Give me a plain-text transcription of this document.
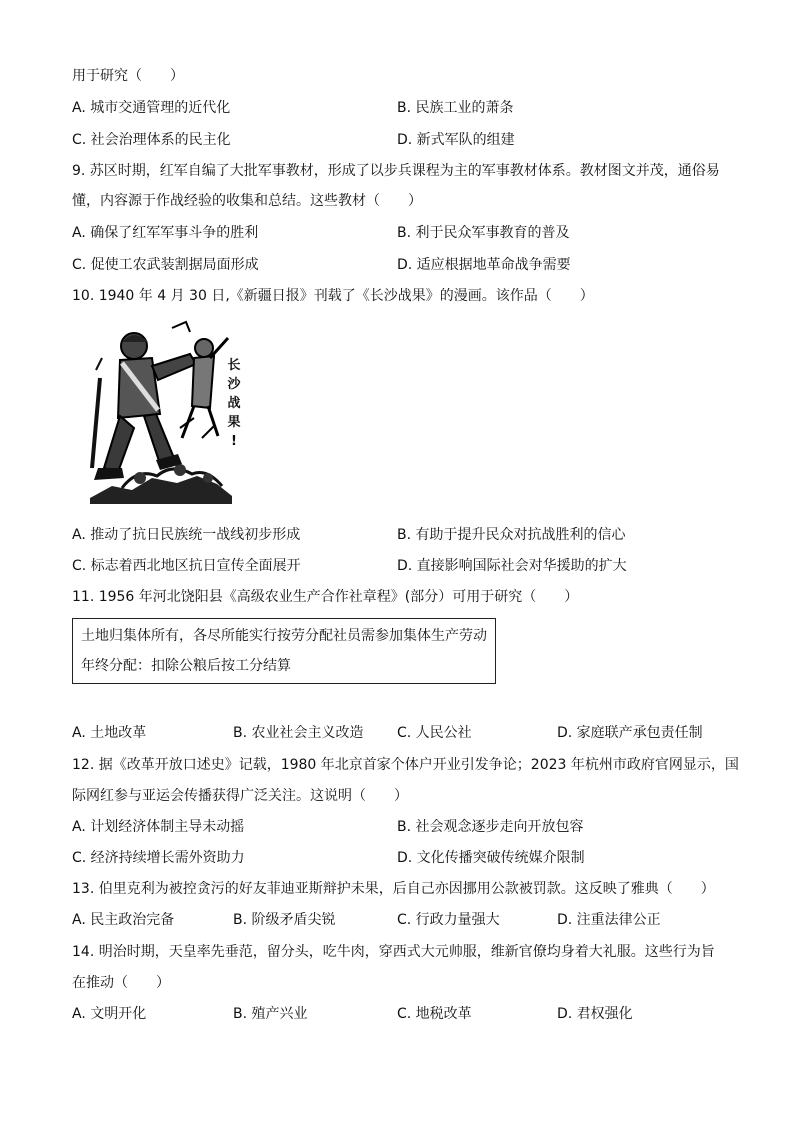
用于研究（　　）
A. 城市交通管理的近代化	B. 民族工业的萧条
C. 社会治理体系的民主化	D. 新式军队的组建
9. 苏区时期，红军自编了大批军事教材，形成了以步兵课程为主的军事教材体系。教材图文并茂，通俗易
懂，内容源于作战经验的收集和总结。这些教材（　　）
A. 确保了红军军事斗争的胜利	B. 利于民众军事教育的普及
C. 促使工农武装割据局面形成	D. 适应根据地革命战争需要
10. 1940 年 4 月 30 日,《新疆日报》刊载了《长沙战果》的漫画。该作品（　　）
长
沙
战
果
!
A. 推动了抗日民族统一战线初步形成	B. 有助于提升民众对抗战胜利的信心
C. 标志着西北地区抗日宣传全面展开	D. 直接影响国际社会对华援助的扩大
11. 1956 年河北饶阳县《高级农业生产合作社章程》(部分）可用于研究（　　）
土地归集体所有，各尽所能实行按劳分配社员需参加集体生产劳动
年终分配：扣除公粮后按工分结算
A. 土地改革	B. 农业社会主义改造 C. 人民公社	D. 家庭联产承包责任制
12. 据《改革开放口述史》记载，1980 年北京首家个体户开业引发争论；2023 年杭州市政府官网显示，国
际网红参与亚运会传播获得广泛关注。这说明（　　）
A. 计划经济体制主导未动摇	B. 社会观念逐步走向开放包容
C. 经济持续增长需外资助力	D. 文化传播突破传统媒介限制
13. 伯里克利为被控贪污的好友菲迪亚斯辩护未果，后自己亦因挪用公款被罚款。这反映了雅典（　　）
A. 民主政治完备	B. 阶级矛盾尖锐	C. 行政力量强大	D. 注重法律公正
14. 明治时期，天皇率先垂范，留分头，吃牛肉，穿西式大元帅服，维新官僚均身着大礼服。这些行为旨
在推动（　　）
A. 文明开化	B. 殖产兴业	C. 地税改革	D. 君权强化
